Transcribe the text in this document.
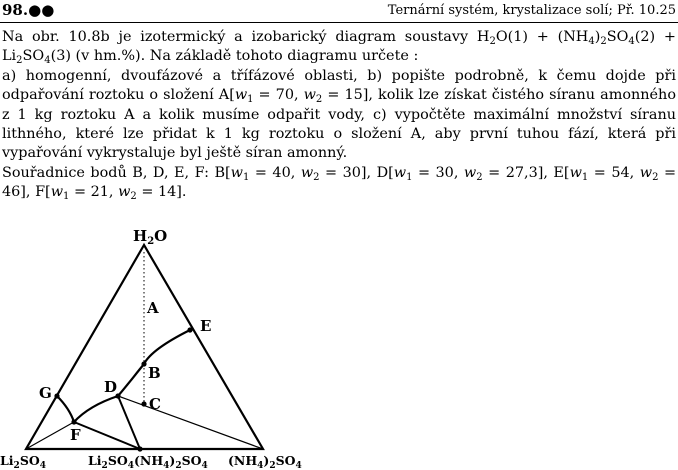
98.●●	Ternární systém, krystalizace solí; Př. 10.25

Na obr. 10.8b je izotermický a izobarický diagram soustavy $H_2O(1) + (NH_4)_2SO_4(2) + Li_2SO_4(3)$ (v hm.%). Na základě tohoto diagramu určete :

a) homogenní, dvoufázové a třífázové oblasti, b) popište podrobně, k čemu dojde při odpařování roztoku o složení $A[w_1 = 70$, $w_2 = 15$], kolik lze získat čistého síranu amonného z 1 kg roztoku A a kolik musíme odpařit vody, c) vypočtěte maximální množství síranu lithného, které lze přidat k 1 kg roztoku o složení A, aby první tuhou fází, která při vypařování vykrystaluje byl ještě síran amonný.

Souřadnice bodů B, D, E, F: $B[w_1 = 40$, $w_2 = 30$], $D[w_1 = 30$, $w_2 = 27,3$], $E[w_1 = 54$, $w_2 = 46$], $F[w_1 = 21$, $w_2 = 14$].

$H_2O$
$Li_2SO_4$	$Li_2SO_4(NH_4)_2SO_4$ $(NH_4)_2SO_4$
A
B
C
D
E
F
G
